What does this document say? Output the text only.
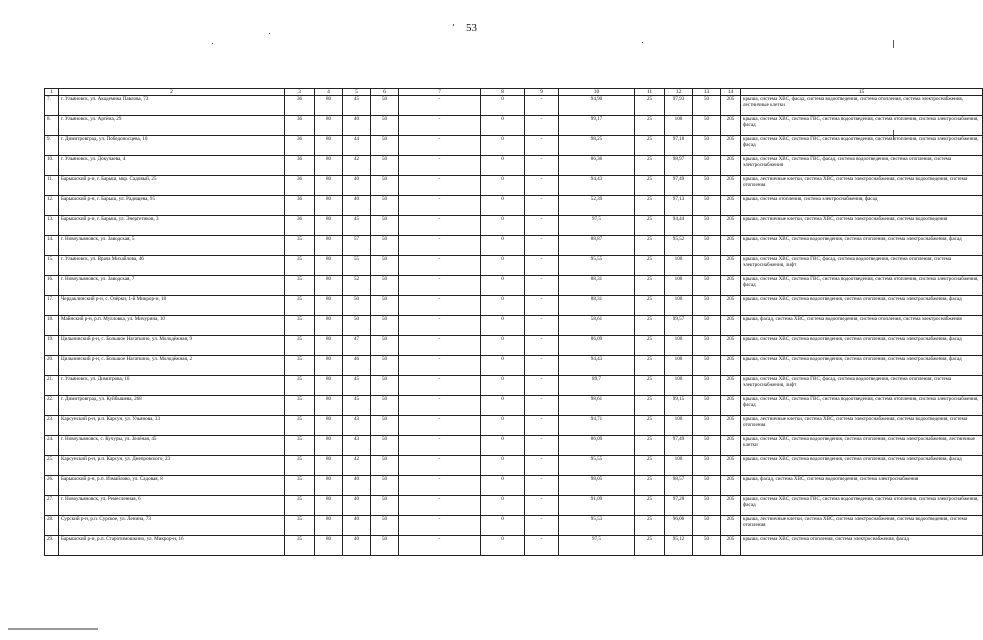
53
1	2	3	4	5	6	7	8	9	10	11	12	13	14	15
7.	г. Ульяновск, ул. Академика Павлова, 73	36	80	45	50	-	0	-	94,90	25	97,93	50	205	крыша, система ХВС, фасад, система водоотведения, система отопления, система электроснабжения, лестничные клетки
8.	г. Ульяновск, ул. Артёма, 29	36	80	40	50	-	0	-	99,17	25	100	50	205	крыша, система ХВС, система ГВС, система водоотведения, система отопления, система электроснабжения, фасад
9.	г. Димитровград, ул. Победоносцева, 10	36	80	44	50	-	0	-	98,25	25	97,18	50	205	крыша, система ХВС, система ГВС, система водоотведения, система отопления, система электроснабжения, фасад
10.	г. Ульяновск, ул. Докучаева, 4	36	80	42	50	-	0	-	86,36	25	98,97	50	205	крыша, система ХВС, система ГВС, фасад, система водоотведения, система отопления, система электроснабжения
11.	Барышский р-н, г. Барыш, мкр. Садовый, 25	36	80	40	50	-	0	-	94,43	25	97,49	50	205	крыша, лестничные клетки, система ХВС, система электроснабжения, система водоотведения, система отопления
12.	Барышский р-н, г. Барыш, ул. Радищева, 95	36	80	40	50	-	0	-	52,39	25	97,13	50	205	крыша, система отопления, система электроснабжения, фасад
13.	Барышский р-н, г. Барыш, ул. Энергетиков, 3	36	80	45	50	-	0	-	97,5	25	94,44	50	205	крыша, лестничные клетки, система ХВС, система электроснабжения, система водоотведения
14.	г. Новоульяновск, ул. Заводская, 5	35	80	57	50	-	0	-	88,87	25	95,52	50	205	крыша, система ХВС, система водоотведения, система отопления, система электроснабжения, фасад
15.	г. Ульяновск, ул. Врача Михайлова, 46	35	80	55	50	-	0	-	95,55	25	100	50	205	крыша, система ХВС, система ГВС, фасад, система водоотведения, система отопления, система электроснабжения, лифт
16.	г. Новоульяновск, ул. Заводская, 7	35	80	52	50	-	0	-	88,31	25	100	50	205	крыша, система ХВС, система ГВС, система водоотведения, система отопления, система электроснабжения, фасад
17.	Чердаклинский р-н, с. Озёрки, 1-й Микрор-н, 18	35	80	50	50	-	0	-	88,31	25	100	50	205	крыша, система ХВС, система водоотведения, система отопления, система электроснабжения, фасад
18.	Майнский р-н, р.п. Мулловка, ул. Мичурина, 10	35	80	50	50	-	0	-	58,61	25	99,57	50	205	крыша, фасад, система ХВС, система водоотведения, система отопления, система электроснабжения
19.	Цильнинский р-н, с. Большое Нагаткино, ул. Молодёжная, 9	35	80	47	50	-	0	-	86,09	25	100	50	205	крыша, система ХВС, система водоотведения, система отопления, система электроснабжения, фасад
20.	Цильнинский р-н, с. Большое Нагаткино, ул. Молодёжная, 2	35	80	46	50	-	0	-	94,43	25	100	50	205	крыша, система ХВС, система водоотведения, система отопления, система электроснабжения, фасад
21.	г. Ульяновск, ул. Димитрова, 10	35	80	45	50	-	0	-	89,7	25	100	50	205	крыша, система ХВС, система ГВС, фасад, система водоотведения, система отопления, система электроснабжения, лифт
22.	г. Димитровград, ул. Куйбышева, 268	35	80	45	50	-	0	-	98,61	25	99,15	50	205	крыша, система ХВС, система ГВС, система водоотведения, система отопления, система электроснабжения, фасад
23.	Карсунский р-н, р.п. Карсун, ул. Ульянова, 33	35	80	43	50	-	0	-	94,71	25	100	50	205	крыша, лестничные клетки, система ХВС, система электроснабжения, система водоотведения, система отопления
24.	г. Новоульяновск, с. Кучуры, ул. Зелёная, 45	35	80	43	50	-	0	-	86,09	25	97,49	50	205	крыша, система ХВС, система водоотведения, система отопления, система электроснабжения, лестничные клетки
25.	Карсунский р-н, р.п. Карсун, ул. Днепровского, 23	35	80	42	50	-	0	-	95,55	25	100	50	205	крыша, система ХВС, система водоотведения, система отопления, система электроснабжения, фасад
26.	Барышский р-н, р.п. Измайлово, ул. Садовая, 8	35	80	40	50	-	0	-	98,05	25	98,57	50	205	крыша, фасад, система ХВС, система водоотведения, система электроснабжения
27.	г. Новоульяновск, ул. Ремесленная, 6	35	80	40	50	-	0	-	91,09	25	97,28	50	205	крыша, система ХВС, система ГВС, система водоотведения, система отопления, система электроснабжения, фасад
28.	Сурский р-н, р.п. Сурское, ул. Ленина, 73	35	80	40	50	-	0	-	95,53	25	96,06	50	205	крыша, лестничные клетки, система ХВС, система электроснабжения, система водоотведения, система отопления
29.	Барышский р-н, р.п. Старотимошкино, ул. Микрор-н, 16	35	80	40	50	-	0	-	97,5	25	95,12	50	205	крыша, система ХВС, система отопления, система электроснабжения, фасад
